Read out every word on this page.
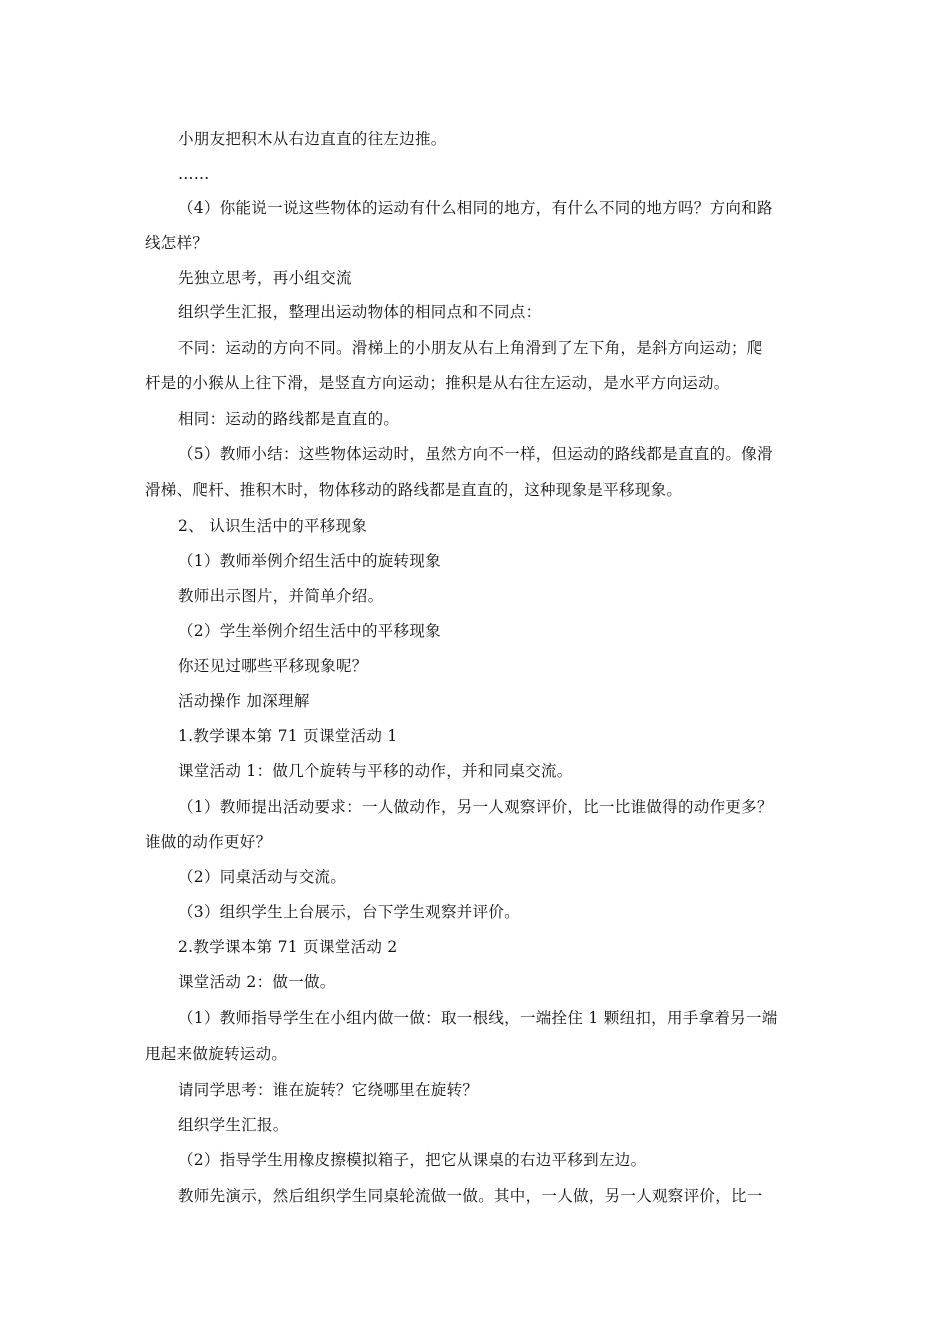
小朋友把积木从右边直直的往左边推。
……
（4）你能说一说这些物体的运动有什么相同的地方，有什么不同的地方吗？方向和路
线怎样？
先独立思考，再小组交流
组织学生汇报，整理出运动物体的相同点和不同点：
不同：运动的方向不同。滑梯上的小朋友从右上角滑到了左下角，是斜方向运动；爬
杆是的小猴从上往下滑，是竖直方向运动；推积是从右往左运动，是水平方向运动。
相同：运动的路线都是直直的。
（5）教师小结：这些物体运动时，虽然方向不一样，但运动的路线都是直直的。像滑
滑梯、爬杆、推积木时，物体移动的路线都是直直的，这种现象是平移现象。
2、 认识生活中的平移现象
（1）教师举例介绍生活中的旋转现象
教师出示图片，并简单介绍。
（2）学生举例介绍生活中的平移现象
你还见过哪些平移现象呢？
活动操作 加深理解
1.教学课本第 71 页课堂活动 1
课堂活动 1：做几个旋转与平移的动作，并和同桌交流。
（1）教师提出活动要求：一人做动作，另一人观察评价，比一比谁做得的动作更多？
谁做的动作更好？
（2）同桌活动与交流。
（3）组织学生上台展示，台下学生观察并评价。
2.教学课本第 71 页课堂活动 2
课堂活动 2：做一做。
（1）教师指导学生在小组内做一做：取一根线，一端拴住 1 颗纽扣，用手拿着另一端
甩起来做旋转运动。
请同学思考：谁在旋转？它绕哪里在旋转？
组织学生汇报。
（2）指导学生用橡皮擦模拟箱子，把它从课桌的右边平移到左边。
教师先演示，然后组织学生同桌轮流做一做。其中，一人做，另一人观察评价，比一
